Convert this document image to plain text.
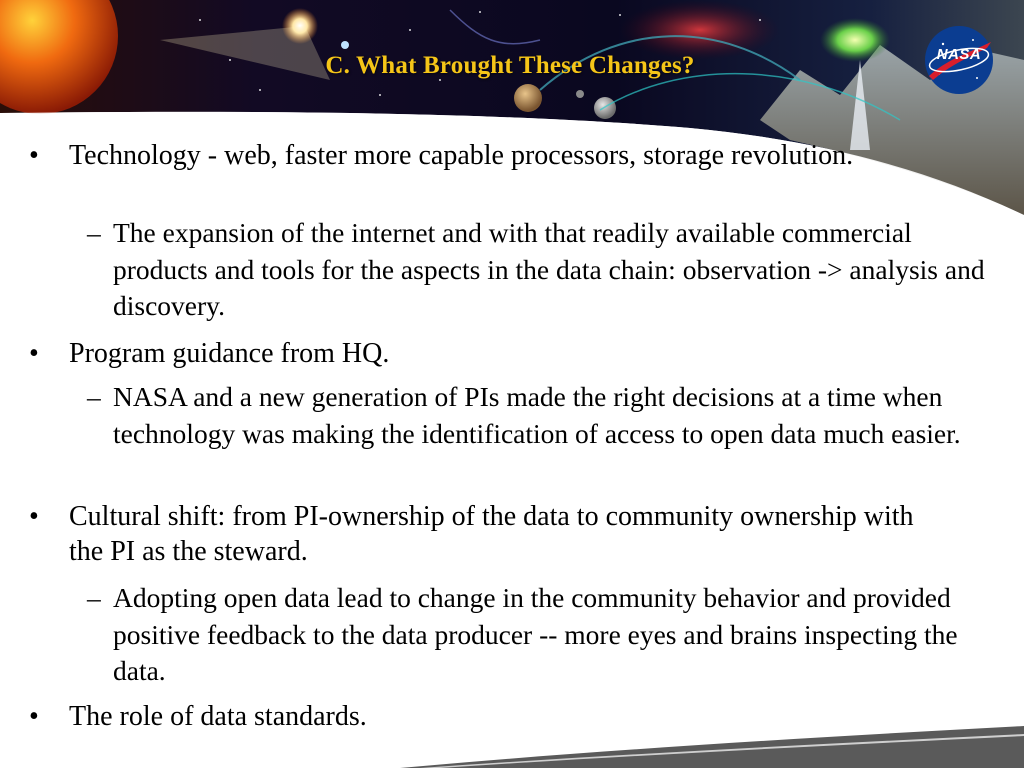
C. What Brought These Changes?	NASA
• Technology - web, faster more capable processors, storage revolution.
– The expansion of the internet and with that readily available commercial products and tools for the aspects in the data chain: observation -> analysis and discovery.
• Program guidance from HQ.
– NASA and a new generation of PIs made the right decisions at a time when technology was making the identification of access to open data much easier.
• Cultural shift: from PI-ownership of the data to community ownership with the PI as the steward.
– Adopting open data lead to change in the community behavior and provided positive feedback to the data producer -- more eyes and brains inspecting the data.
• The role of data standards.
